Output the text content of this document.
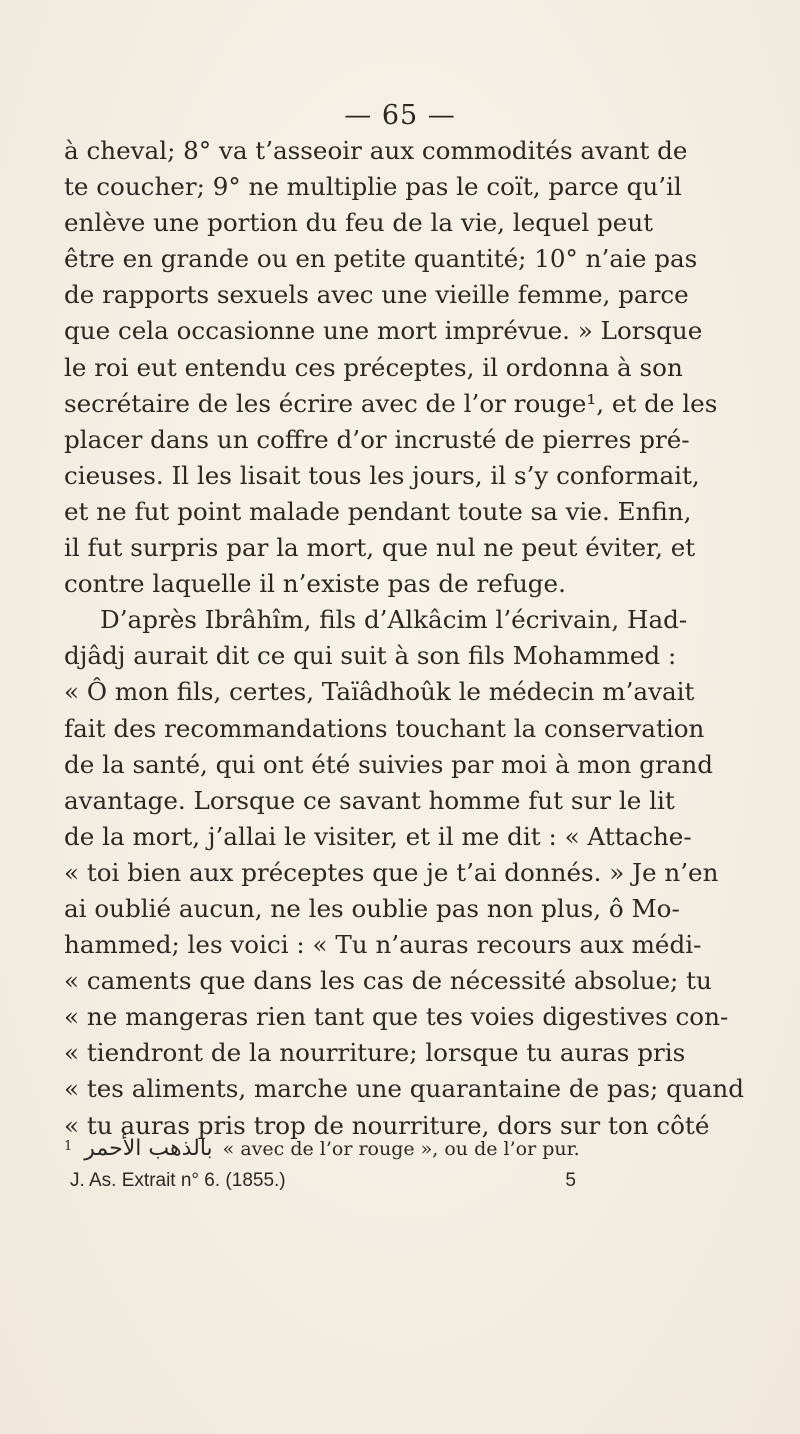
— 65 —
à cheval; 8° va t’asseoir aux commodités avant de
te coucher; 9° ne multiplie pas le coït, parce qu’il
enlève une portion du feu de la vie, lequel peut
être en grande ou en petite quantité; 10° n’aie pas
de rapports sexuels avec une vieille femme, parce
que cela occasionne une mort imprévue. » Lorsque
le roi eut entendu ces préceptes, il ordonna à son
secrétaire de les écrire avec de l’or rouge¹, et de les
placer dans un coffre d’or incrusté de pierres pré-
cieuses. Il les lisait tous les jours, il s’y conformait,
et ne fut point malade pendant toute sa vie. Enfin,
il fut surpris par la mort, que nul ne peut éviter, et
contre laquelle il n’existe pas de refuge.
D’après Ibrâhîm, fils d’Alkâcim l’écrivain, Had-
djâdj aurait dit ce qui suit à son fils Mohammed :
« Ô mon fils, certes, Taïâdhoûk le médecin m’avait
fait des recommandations touchant la conservation
de la santé, qui ont été suivies par moi à mon grand
avantage. Lorsque ce savant homme fut sur le lit
de la mort, j’allai le visiter, et il me dit : « Attache-
« toi bien aux préceptes que je t’ai donnés. » Je n’en
ai oublié aucun, ne les oublie pas non plus, ô Mo-
hammed; les voici : « Tu n’auras recours aux médi-
« caments que dans les cas de nécessité absolue; tu
« ne mangeras rien tant que tes voies digestives con-
« tiendront de la nourriture; lorsque tu auras pris
« tes aliments, marche une quarantaine de pas; quand
« tu auras pris trop de nourriture, dors sur ton côté
$^1$ بالذهب الأحمر « avec de l’or rouge », ou de l’or pur.
J. As. Extrait n° 6. (1855.)	5
